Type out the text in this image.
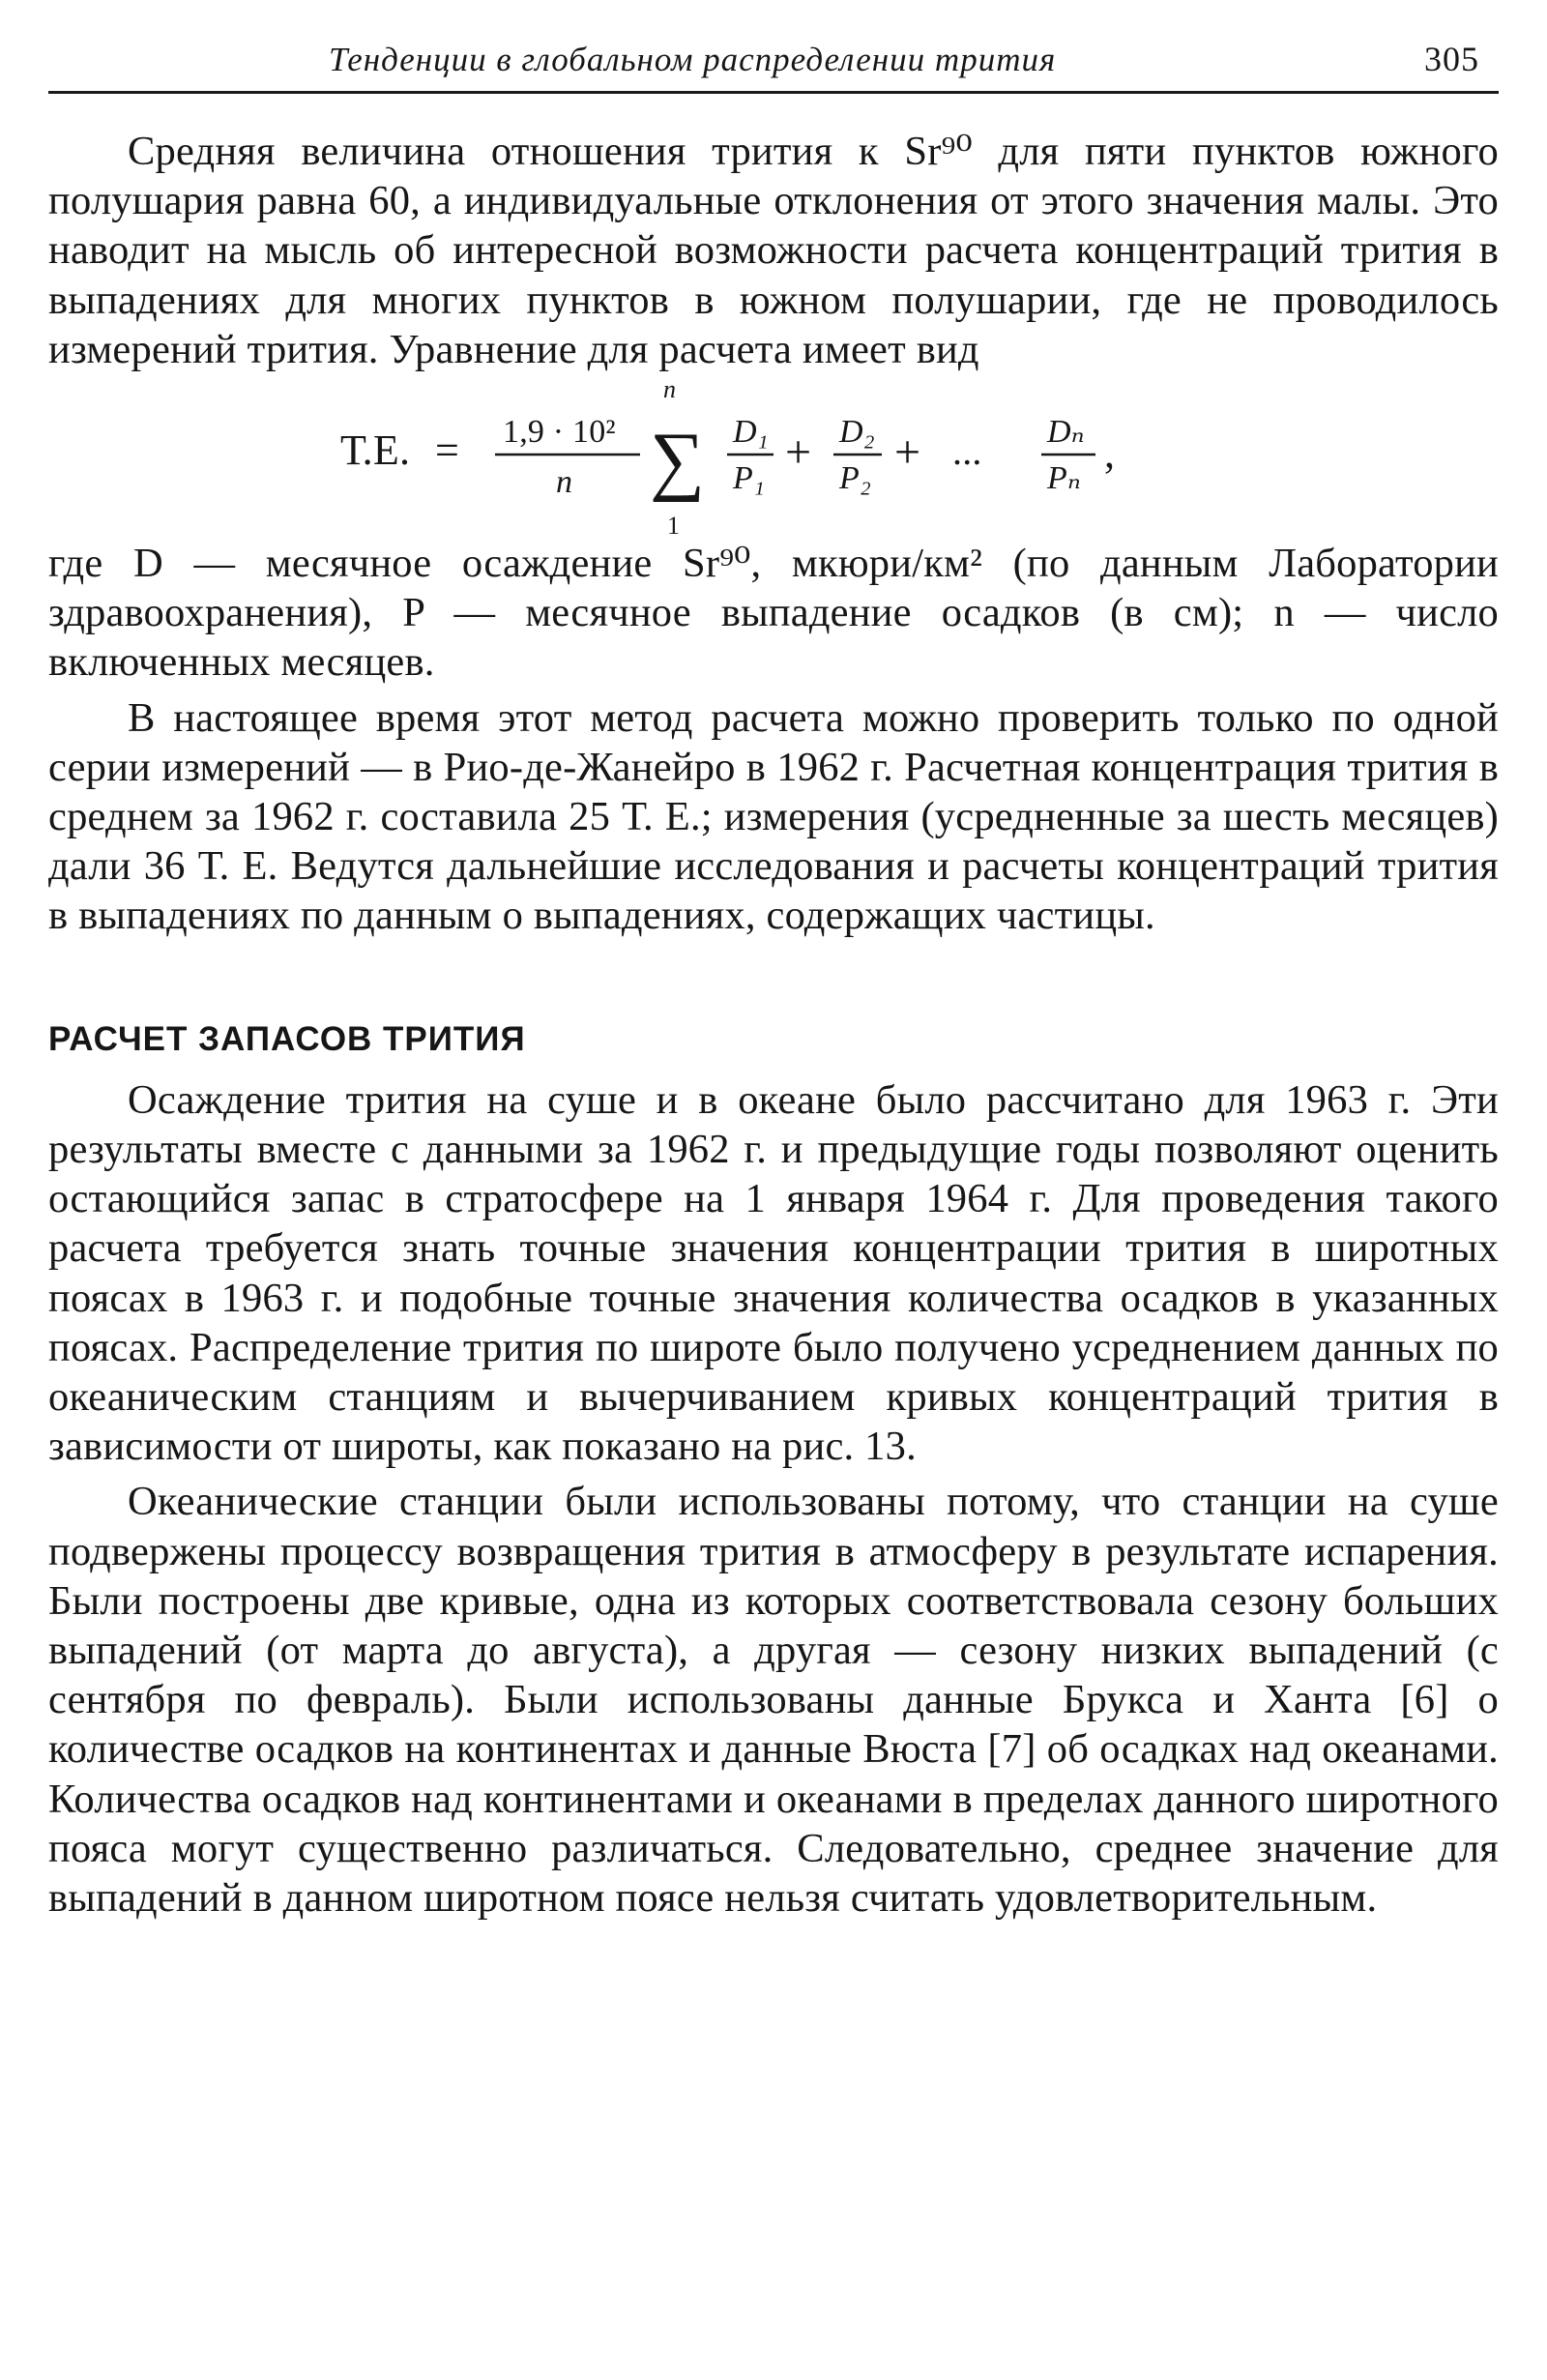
Тенденции в глобальном распределении трития	305

Средняя величина отношения трития к Sr⁹⁰ для пяти пунктов южного полушария равна 60, а индивидуальные отклонения от этого значения малы. Это наводит на мысль об интересной возможности расчета концентраций трития в выпадениях для многих пунктов в южном полушарии, где не проводилось измерений трития. Уравнение для расчета имеет вид

Т.Е. = 1,9 · 10²
n
n
∑
1
D₁
P₁
+ D₂
P₂
+ ... Dₙ
Pₙ
,

где D — месячное осаждение Sr⁹⁰, мкюри/км² (по данным Лаборатории здравоохранения), P — месячное выпадение осадков (в см); n — число включенных месяцев.

В настоящее время этот метод расчета можно проверить только по одной серии измерений — в Рио-де-Жанейро в 1962 г. Расчетная концентрация трития в среднем за 1962 г. составила 25 Т. Е.; измерения (усредненные за шесть месяцев) дали 36 Т. Е. Ведутся дальнейшие исследования и расчеты концентраций трития в выпадениях по данным о выпадениях, содержащих частицы.

РАСЧЕТ ЗАПАСОВ ТРИТИЯ

Осаждение трития на суше и в океане было рассчитано для 1963 г. Эти результаты вместе с данными за 1962 г. и предыдущие годы позволяют оценить остающийся запас в стратосфере на 1 января 1964 г. Для проведения такого расчета требуется знать точные значения концентрации трития в широтных поясах в 1963 г. и подобные точные значения количества осадков в указанных поясах. Распределение трития по широте было получено усреднением данных по океаническим станциям и вычерчиванием кривых концентраций трития в зависимости от широты, как показано на рис. 13.

Океанические станции были использованы потому, что станции на суше подвержены процессу возвращения трития в атмосферу в результате испарения. Были построены две кривые, одна из которых соответствовала сезону больших выпадений (от марта до августа), а другая — сезону низких выпадений (с сентября по февраль). Были использованы данные Брукса и Ханта [6] о количестве осадков на континентах и данные Вюста [7] об осадках над океанами. Количества осадков над континентами и океанами в пределах данного широтного пояса могут существенно различаться. Следовательно, среднее значение для выпадений в данном широтном поясе нельзя считать удовлетворительным.
